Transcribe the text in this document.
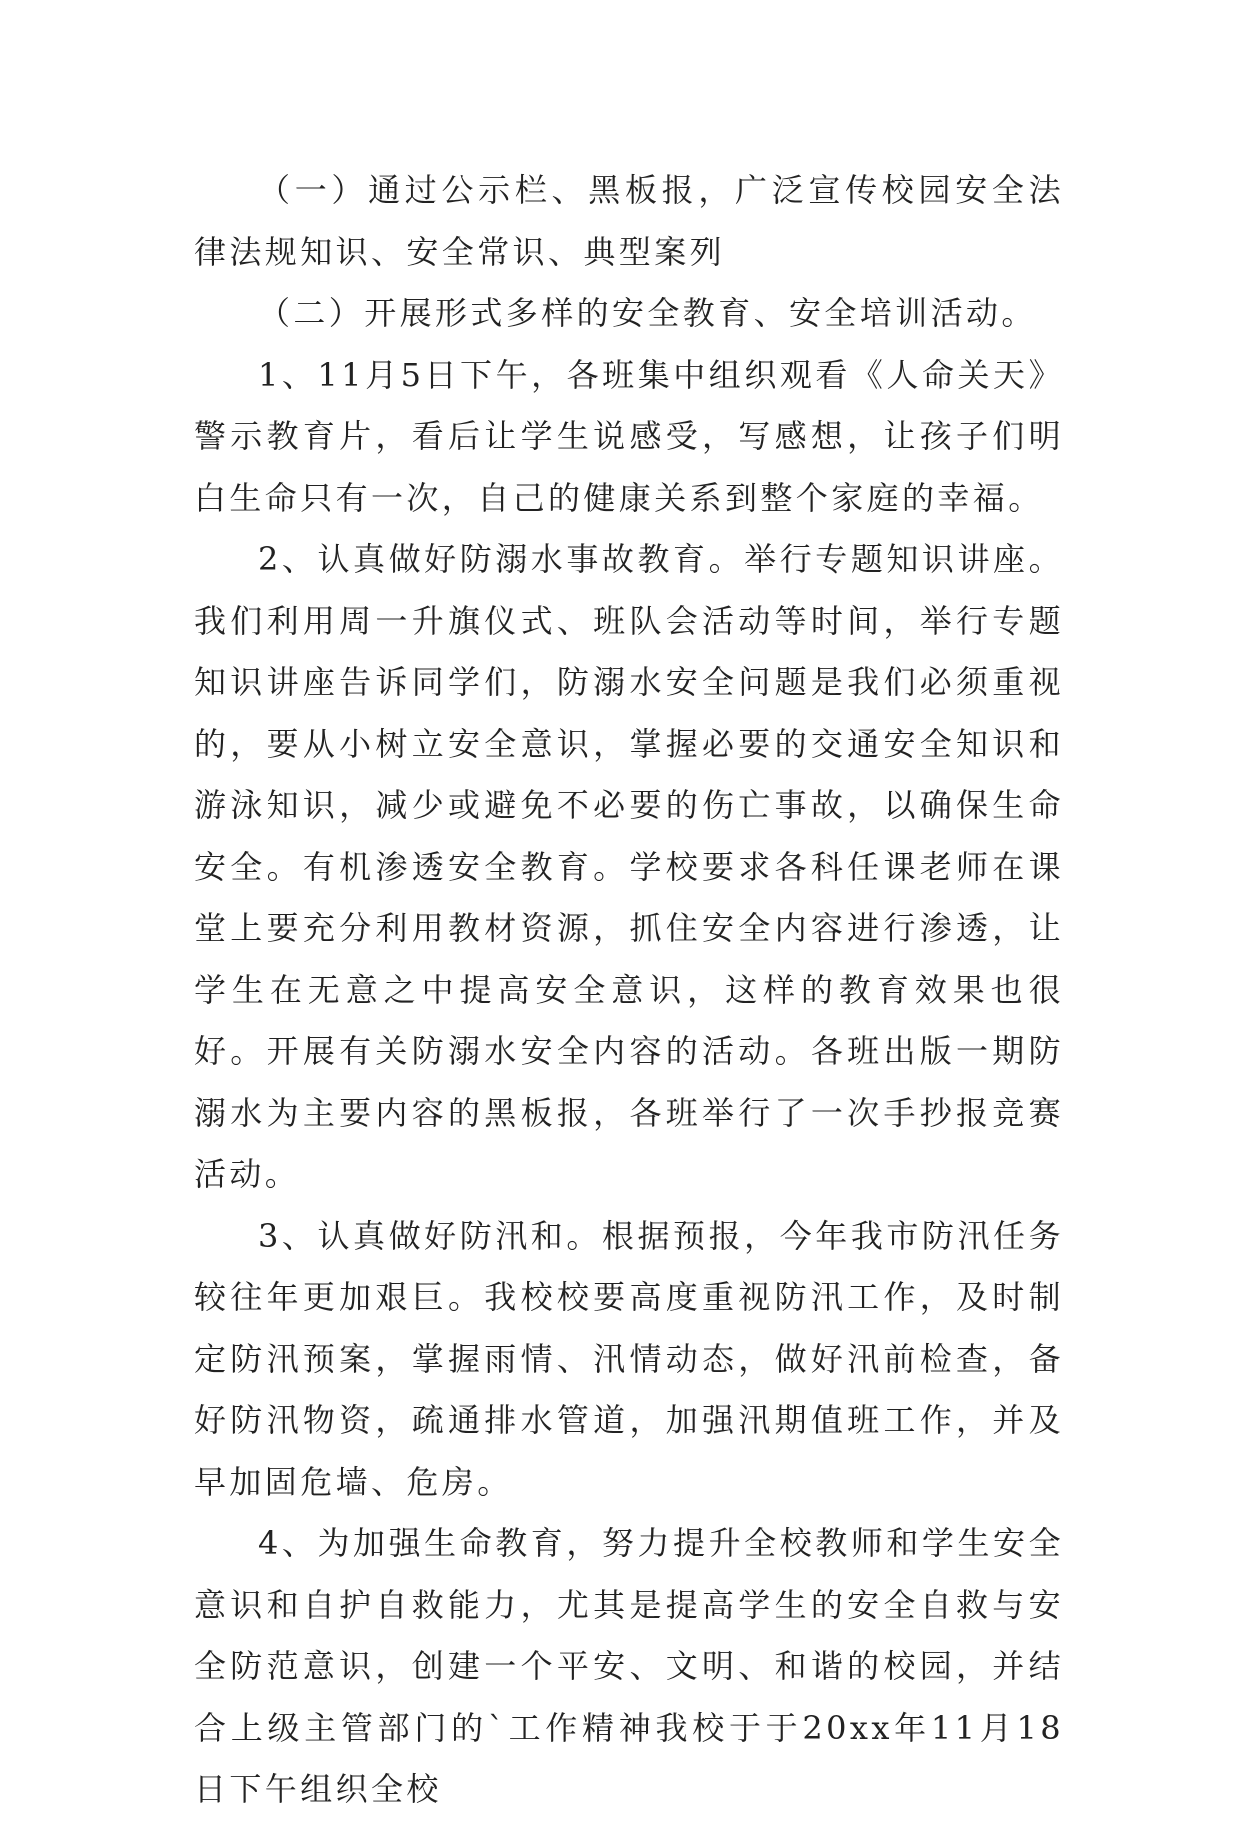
（一）通过公示栏、黑板报，广泛宣传校园安全法律法规知识、安全常识、典型案列

（二）开展形式多样的安全教育、安全培训活动。

1、11月5日下午，各班集中组织观看《人命关天》警示教育片，看后让学生说感受，写感想，让孩子们明白生命只有一次，自己的健康关系到整个家庭的幸福。

2、认真做好防溺水事故教育。举行专题知识讲座。我们利用周一升旗仪式、班队会活动等时间，举行专题知识讲座告诉同学们，防溺水安全问题是我们必须重视的，要从小树立安全意识，掌握必要的交通安全知识和游泳知识，减少或避免不必要的伤亡事故，以确保生命安全。有机渗透安全教育。学校要求各科任课老师在课堂上要充分利用教材资源，抓住安全内容进行渗透，让学生在无意之中提高安全意识，这样的教育效果也很好。开展有关防溺水安全内容的活动。各班出版一期防溺水为主要内容的黑板报，各班举行了一次手抄报竞赛活动。

3、认真做好防汛和。根据预报，今年我市防汛任务较往年更加艰巨。我校校要高度重视防汛工作，及时制定防汛预案，掌握雨情、汛情动态，做好汛前检查，备好防汛物资，疏通排水管道，加强汛期值班工作，并及早加固危墙、危房。

4、为加强生命教育，努力提升全校教师和学生安全意识和自护自救能力，尤其是提高学生的安全自救与安全防范意识，创建一个平安、文明、和谐的校园，并结合上级主管部门的`工作精神我校于于20xx年11月18日下午组织全校
